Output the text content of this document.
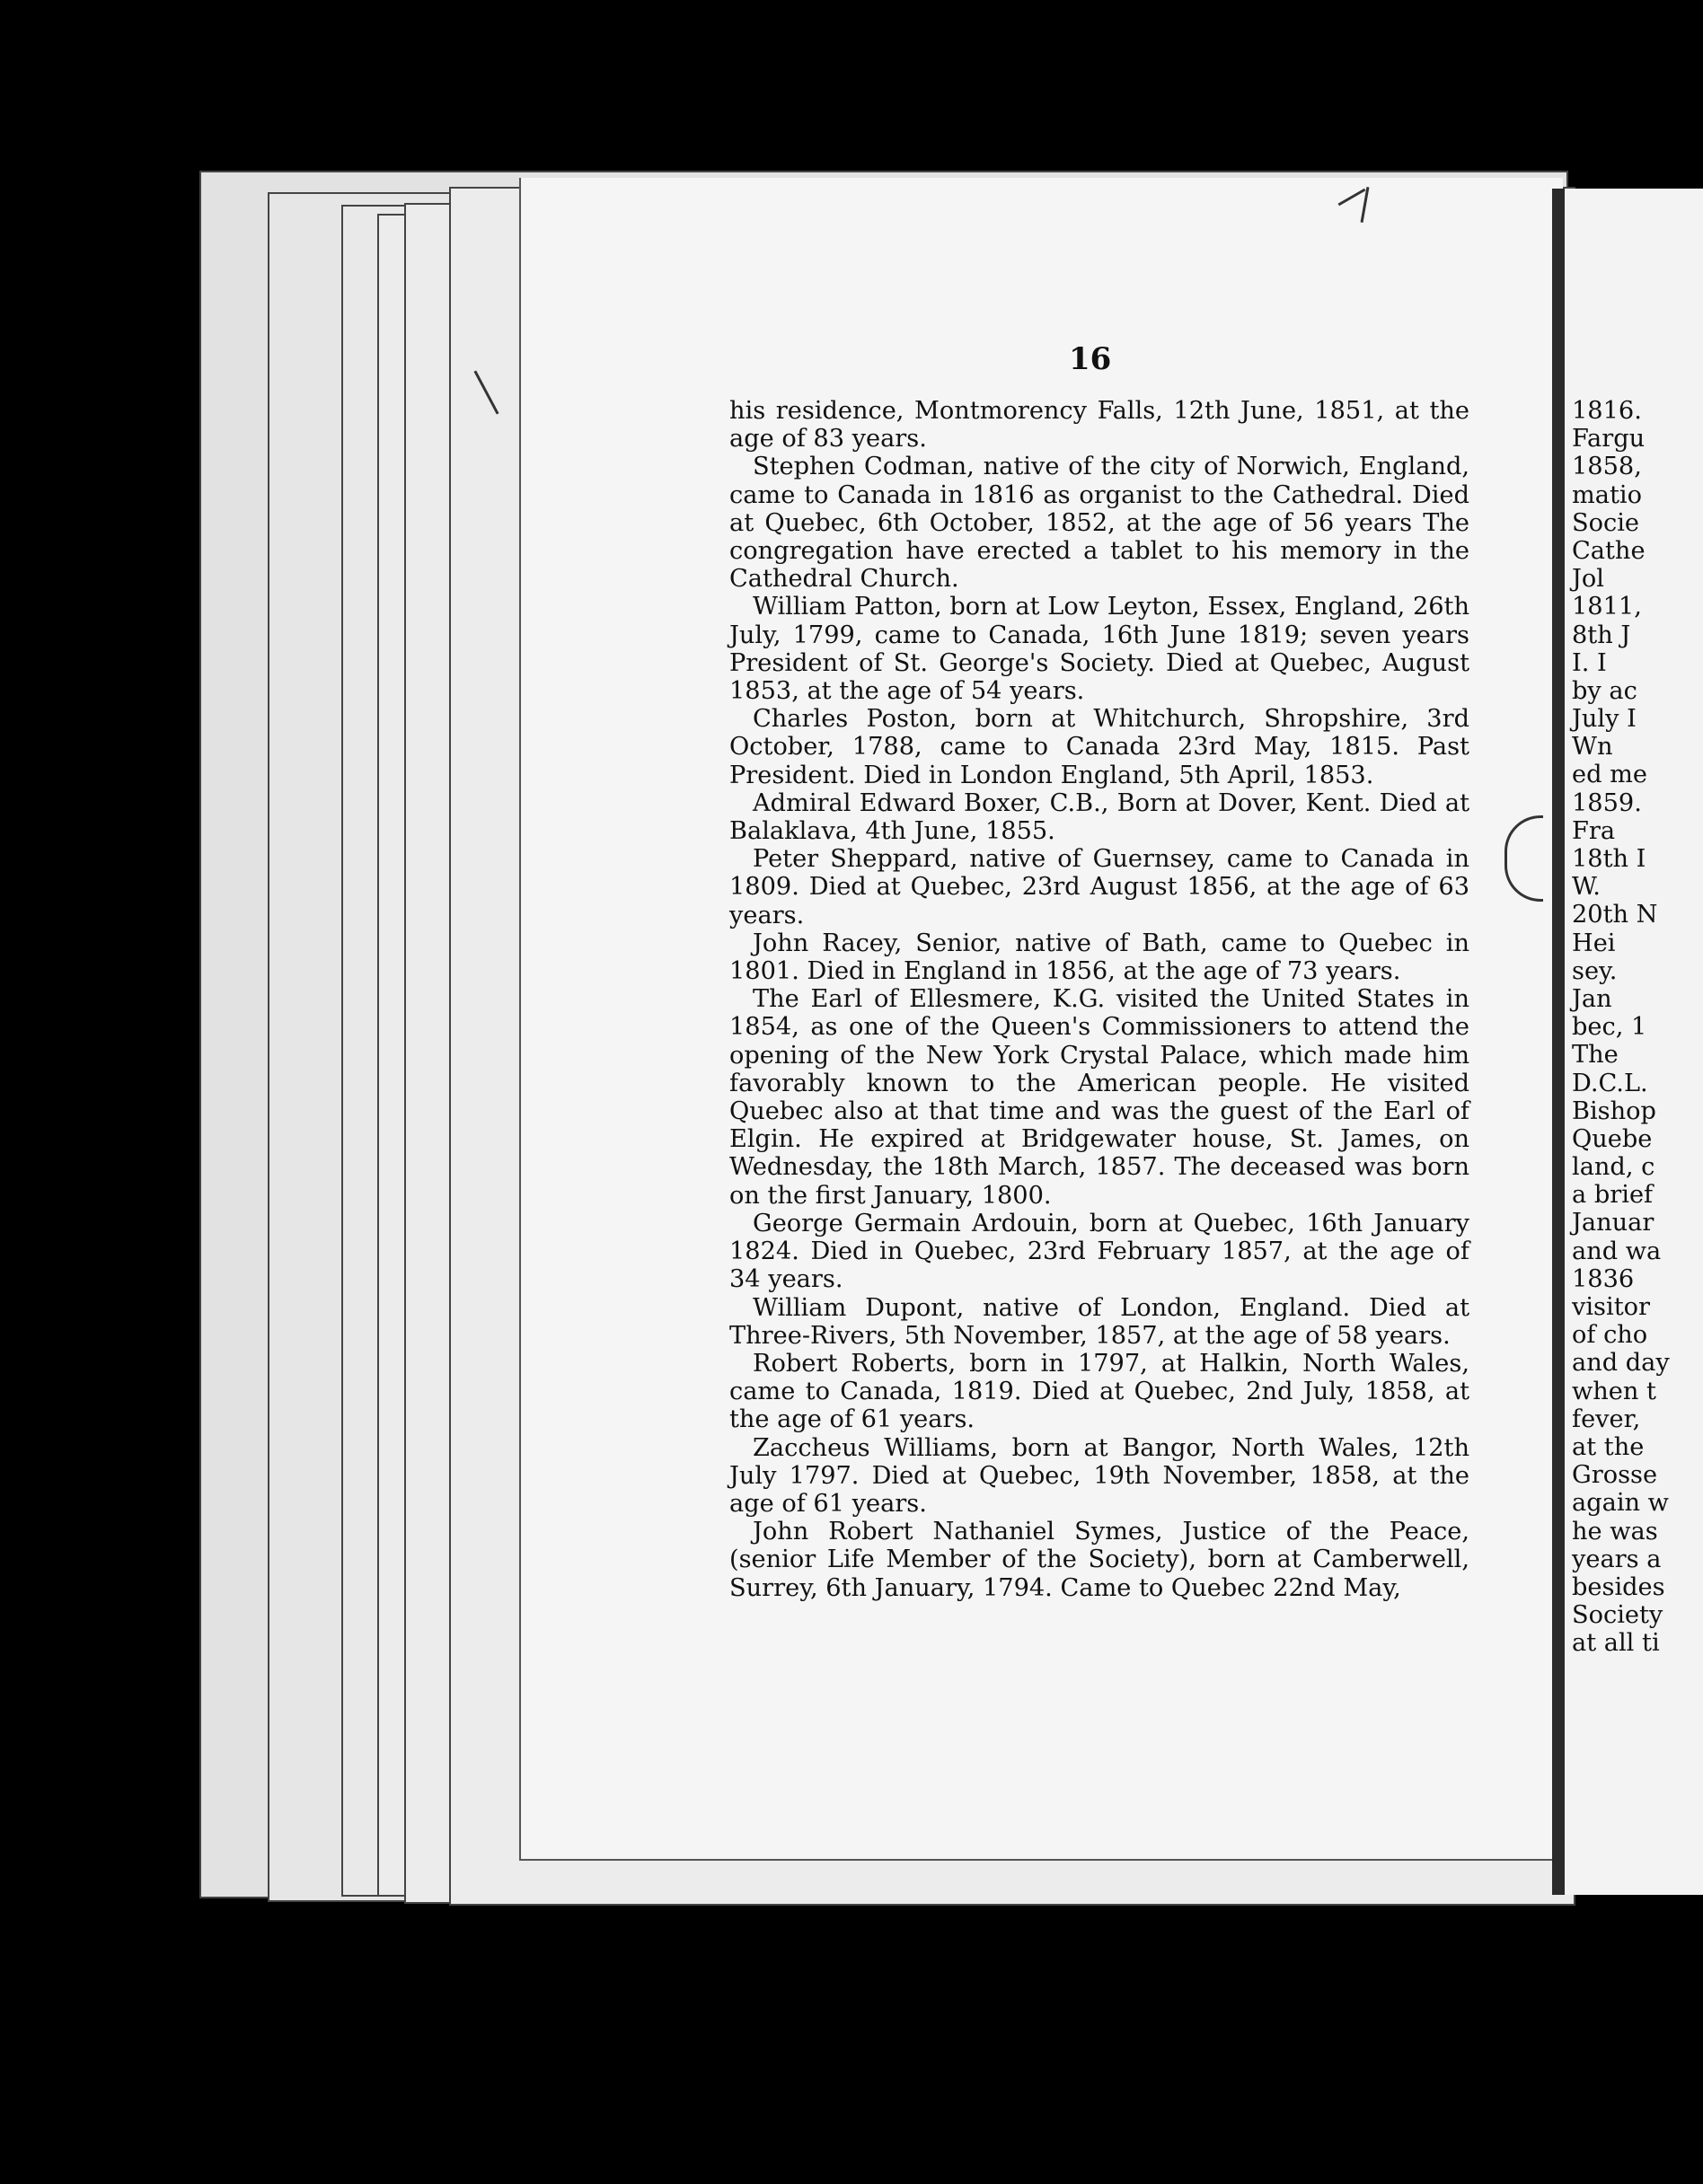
16

his residence, Montmorency Falls, 12th June, 1851, at the age of 83 years.

Stephen Codman, native of the city of Norwich, England, came to Canada in 1816 as organist to the Cathedral. Died at Quebec, 6th October, 1852, at the age of 56 years The congregation have erected a tablet to his memory in the Cathedral Church.

William Patton, born at Low Leyton, Essex, England, 26th July, 1799, came to Canada, 16th June 1819; seven years President of St. George's Society. Died at Quebec, August 1853, at the age of 54 years.

Charles Poston, born at Whitchurch, Shropshire, 3rd October, 1788, came to Canada 23rd May, 1815. Past President. Died in London England, 5th April, 1853.

Admiral Edward Boxer, C.B., Born at Dover, Kent. Died at Balaklava, 4th June, 1855.

Peter Sheppard, native of Guernsey, came to Canada in 1809. Died at Quebec, 23rd August 1856, at the age of 63 years.

John Racey, Senior, native of Bath, came to Quebec in 1801. Died in England in 1856, at the age of 73 years.

The Earl of Ellesmere, K.G. visited the United States in 1854, as one of the Queen's Commissioners to attend the opening of the New York Crystal Palace, which made him favorably known to the American people. He visited Quebec also at that time and was the guest of the Earl of Elgin. He expired at Bridgewater house, St. James, on Wednesday, the 18th March, 1857. The deceased was born on the first January, 1800.

George Germain Ardouin, born at Quebec, 16th January 1824. Died in Quebec, 23rd February 1857, at the age of 34 years.

William Dupont, native of London, England. Died at Three-Rivers, 5th November, 1857, at the age of 58 years.

Robert Roberts, born in 1797, at Halkin, North Wales, came to Canada, 1819. Died at Quebec, 2nd July, 1858, at the age of 61 years.

Zaccheus Williams, born at Bangor, North Wales, 12th July 1797. Died at Quebec, 19th November, 1858, at the age of 61 years.

John Robert Nathaniel Symes, Justice of the Peace, (senior Life Member of the Society), born at Camberwell, Surrey, 6th January, 1794. Came to Quebec 22nd May,

1816.
Fargu
1858,
matio
Socie
Cathe
Jol
1811,
8th J
I. I
by ac
July I
Wn
ed me
1859.
Fra
18th I
W.
20th N
Hei
sey.
Jan
bec, 1
The
D.C.L.
Bishop
Quebe
land, c
a brief
Januar
and wa
1836
visitor
of cho
and day
when t
fever,
at the
Grosse
again w
he was
years a
besides
Society
at all ti
